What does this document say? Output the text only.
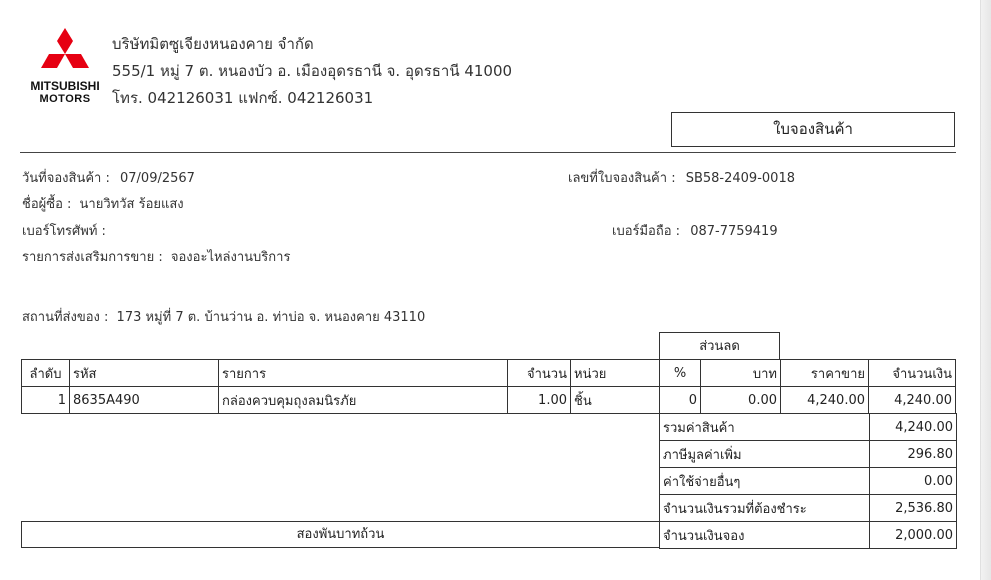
MITSUBISHI
MOTORS
บริษัทมิตซูเจียงหนองคาย จำกัด
555/1 หมู่ 7 ต. หนองบัว อ. เมืองอุดรธานี จ. อุดรธานี 41000
โทร. 042126031 แฟกซ์. 042126031
ใบจองสินค้า
วันที่จองสินค้า : 07/09/2567	เลขที่ใบจองสินค้า : SB58-2409-0018
ชื่อผู้ซื้อ : นายวิทวัส ร้อยแสง
เบอร์โทรศัพท์ :	เบอร์มือถือ : 087-7759419
รายการส่งเสริมการขาย : จองอะไหล่งานบริการ
สถานที่ส่งของ : 173 หมู่ที่ 7 ต. บ้านว่าน อ. ท่าบ่อ จ. หนองคาย 43110
ส่วนลด
ลำดับ	รหัส	รายการ	จำนวน	หน่วย	%	บาท	ราคาขาย	จำนวนเงิน
1	8635A490	กล่องควบคุมถุงลมนิรภัย	1.00	ชิ้น	0	0.00	4,240.00	4,240.00
รวมค่าสินค้า	4,240.00
ภาษีมูลค่าเพิ่ม	296.80
ค่าใช้จ่ายอื่นๆ	0.00
จำนวนเงินรวมที่ต้องชำระ	2,536.80
จำนวนเงินจอง	2,000.00
สองพันบาทถ้วน
